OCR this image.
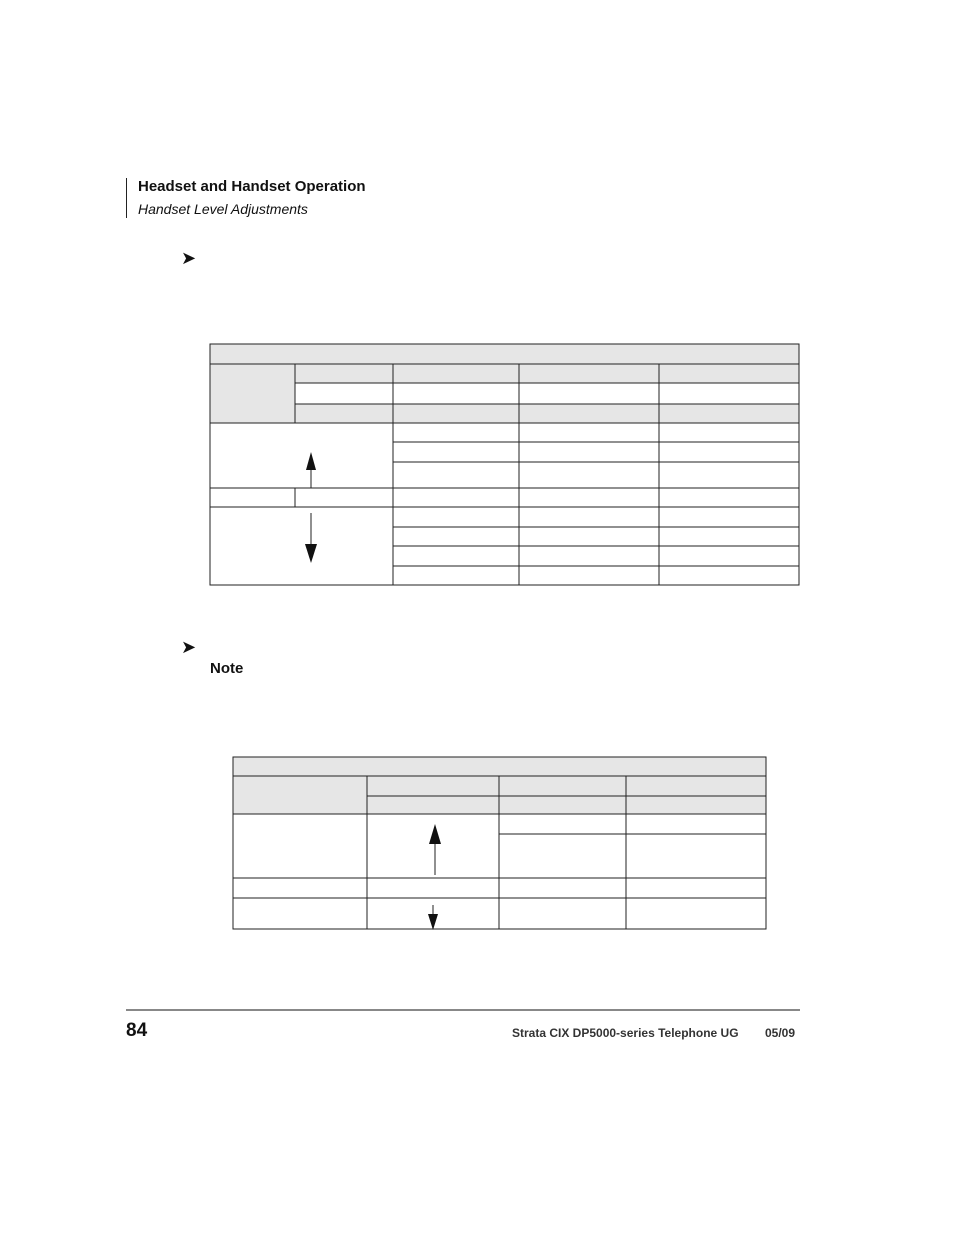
Headset and Handset Operation
Handset Level Adjustments
➤
➤
Note
84	Strata CIX DP5000-series Telephone UG 05/09
